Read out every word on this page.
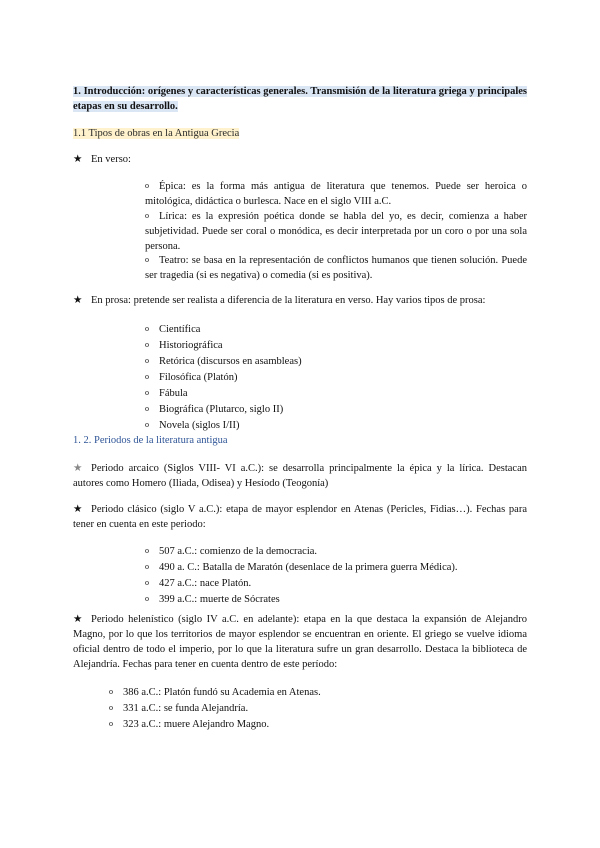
1. Introducción: orígenes y características generales. Transmisión de la literatura griega y principales etapas en su desarrollo.
1.1 Tipos de obras en la Antigua Grecia
★ En verso:
o Épica: es la forma más antigua de literatura que tenemos. Puede ser heroica o mitológica, didáctica o burlesca. Nace en el siglo VIII a.C.
o Lírica: es la expresión poética donde se habla del yo, es decir, comienza a haber subjetividad. Puede ser coral o monódica, es decir interpretada por un coro o por una sola persona.
o Teatro: se basa en la representación de conflictos humanos que tienen solución. Puede ser tragedia (si es negativa) o comedia (si es positiva).
★ En prosa: pretende ser realista a diferencia de la literatura en verso. Hay varios tipos de prosa:
o Científica
o Historiográfica
o Retórica (discursos en asambleas)
o Filosófica (Platón)
o Fábula
o Biográfica (Plutarco, siglo II)
o Novela (siglos I/II)
1. 2. Periodos de la literatura antigua
★ Periodo arcaico (Siglos VIII- VI a.C.): se desarrolla principalmente la épica y la lírica. Destacan autores como Homero (Iliada, Odisea) y Hesíodo (Teogonía)
★ Periodo clásico (siglo V a.C.): etapa de mayor esplendor en Atenas (Pericles, Fidias…). Fechas para tener en cuenta en este periodo:
o 507 a.C.: comienzo de la democracia.
o 490 a. C.: Batalla de Maratón (desenlace de la primera guerra Médica).
o 427 a.C.: nace Platón.
o 399 a.C.: muerte de Sócrates
★ Periodo helenístico (siglo IV a.C. en adelante): etapa en la que destaca la expansión de Alejandro Magno, por lo que los territorios de mayor esplendor se encuentran en oriente. El griego se vuelve idioma oficial dentro de todo el imperio, por lo que la literatura sufre un gran desarrollo. Destaca la biblioteca de Alejandría. Fechas para tener en cuenta dentro de este período:
o 386 a.C.: Platón fundó su Academia en Atenas.
o 331 a.C.: se funda Alejandría.
o 323 a.C.: muere Alejandro Magno.
